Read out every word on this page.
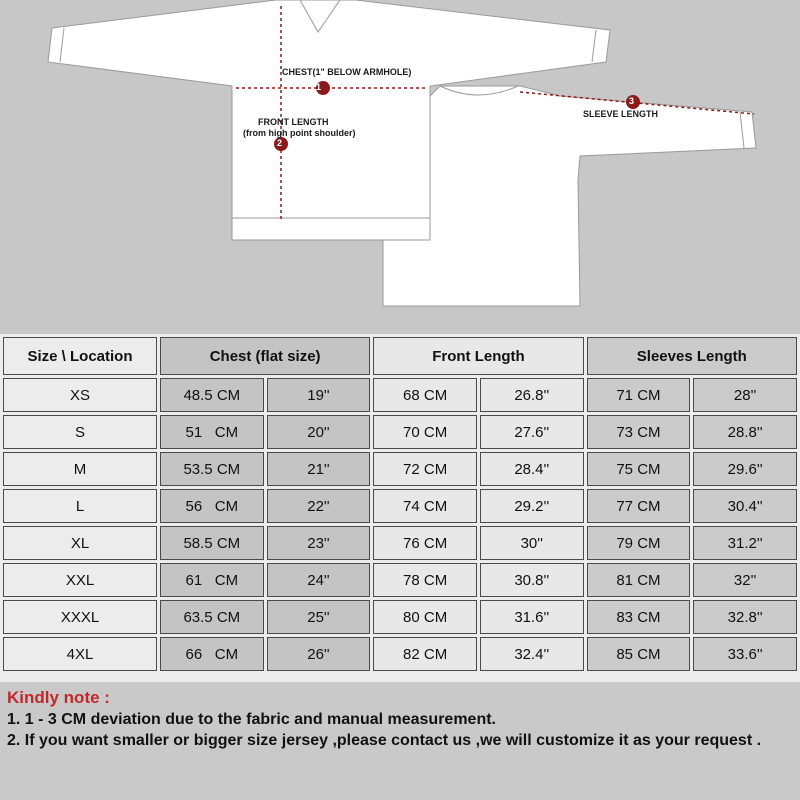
1
2
3
CHEST(1" BELOW ARMHOLE)
FRONT LENGTH
(from high point shoulder)
SLEEVE LENGTH
Size \ Location	Chest (flat size)		Front Length		Sleeves Length	
XS	48.5 CM	19''	68 CM	26.8''	71 CM	28''
S	51   CM	20''	70 CM	27.6''	73 CM	28.8''
M	53.5 CM	21''	72 CM	28.4''	75 CM	29.6''
L	56   CM	22''	74 CM	29.2''	77 CM	30.4''
XL	58.5 CM	23''	76 CM	30''	79 CM	31.2''
XXL	61   CM	24''	78 CM	30.8''	81 CM	32''
XXXL	63.5 CM	25''	80 CM	31.6''	83 CM	32.8''
4XL	66   CM	26''	82 CM	32.4''	85 CM	33.6''
Kindly note :
1. 1 - 3 CM deviation due to the fabric and manual measurement.
2. If you want smaller or bigger size jersey ,please contact us ,we will customize it as your request .
